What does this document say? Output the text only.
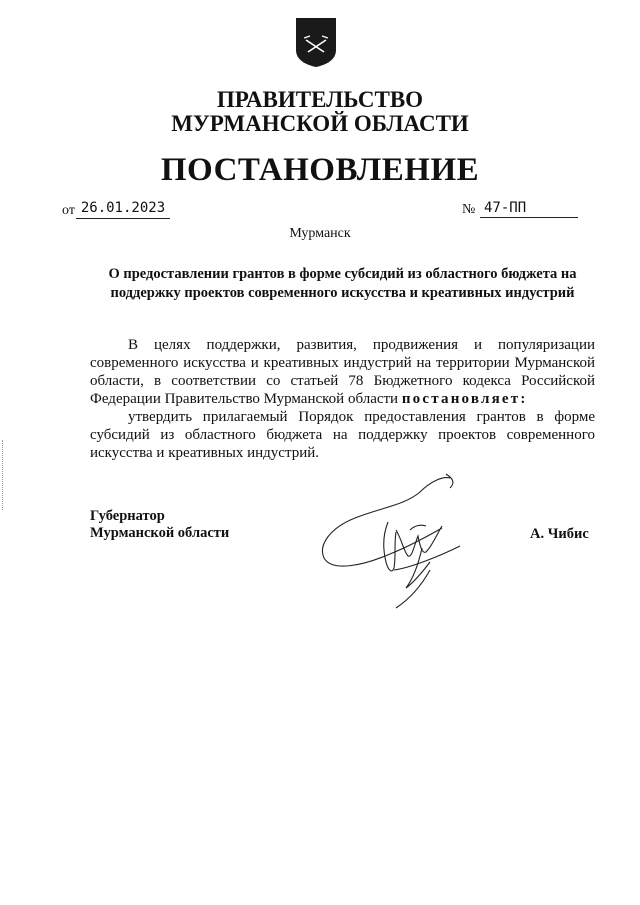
ПРАВИТЕЛЬСТВО
МУРМАНСКОЙ ОБЛАСТИ
ПОСТАНОВЛЕНИЕ
от 26.01.2023	№ 47-ПП
Мурманск
О предоставлении грантов в форме субсидий из областного бюджета на
поддержку проектов современного искусства и креативных индустрий

В целях поддержки, развития, продвижения и популяризации современного искусства и креативных индустрий на территории Мурманской области, в соответствии со статьей 78 Бюджетного кодекса Российской Федерации Правительство Мурманской области постановляет:

утвердить прилагаемый Порядок предоставления грантов в форме субсидий из областного бюджета на поддержку проектов современного искусства и креативных индустрий.

Губернатор
Мурманской области	А. Чибис
